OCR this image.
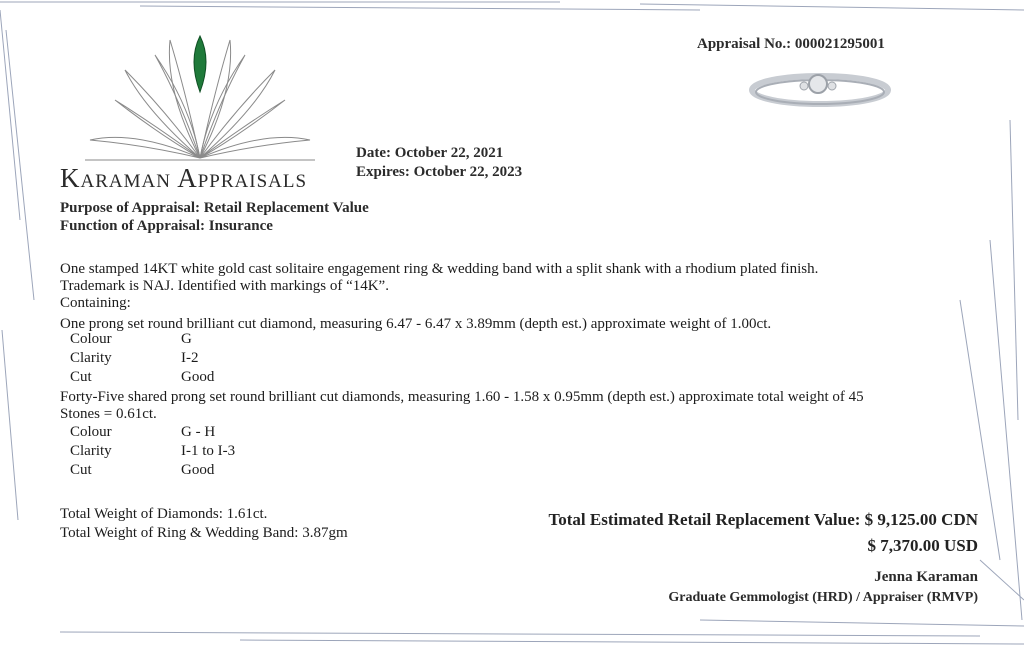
Karaman Appraisals
Appraisal No.: 000021295001
Date: October 22, 2021
Expires: October 22, 2023
Purpose of Appraisal: Retail Replacement Value
Function of Appraisal: Insurance
One stamped 14KT white gold cast solitaire engagement ring & wedding band with a split shank with a rhodium plated finish.
Trademark is NAJ. Identified with markings of “14K”.
Containing:
One prong set round brilliant cut diamond, measuring 6.47 - 6.47 x 3.89mm (depth est.) approximate weight of 1.00ct.
Colour	G
Clarity	I-2
Cut	Good
Forty-Five shared prong set round brilliant cut diamonds, measuring 1.60 - 1.58 x 0.95mm (depth est.) approximate total weight of 45
Stones = 0.61ct.
Colour	G - H
Clarity	I-1 to I-3
Cut	Good
Total Weight of Diamonds: 1.61ct.
Total Weight of Ring & Wedding Band: 3.87gm
Total Estimated Retail Replacement Value: $ 9,125.00 CDN
$ 7,370.00 USD
Jenna Karaman
Graduate Gemmologist (HRD) / Appraiser (RMVP)
